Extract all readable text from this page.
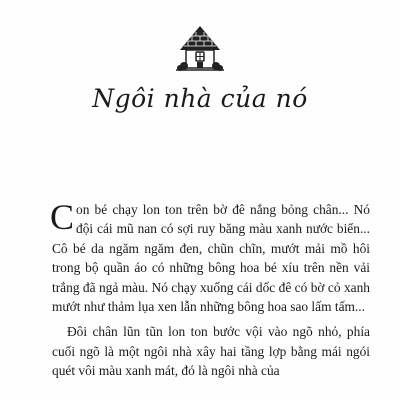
Ngôi nhà của nó

Con bé chạy lon ton trên bờ đê nắng bỏng chân... Nó đội cái mũ nan có sợi ruy băng màu xanh nước biển... Cô bé da ngăm ngăm đen, chũn chĩn, mướt mải mồ hôi trong bộ quần áo có những bông hoa bé xíu trên nền vải trắng đã ngả màu. Nó chạy xuống cái dốc đê có bờ cỏ xanh mướt như thảm lụa xen lẫn những bông hoa sao lấm tấm...

Đôi chân lũn tũn lon ton bước vội vào ngõ nhỏ, phía cuối ngõ là một ngôi nhà xây hai tầng lợp bằng mái ngói quét vôi màu xanh mát, đó là ngôi nhà của
